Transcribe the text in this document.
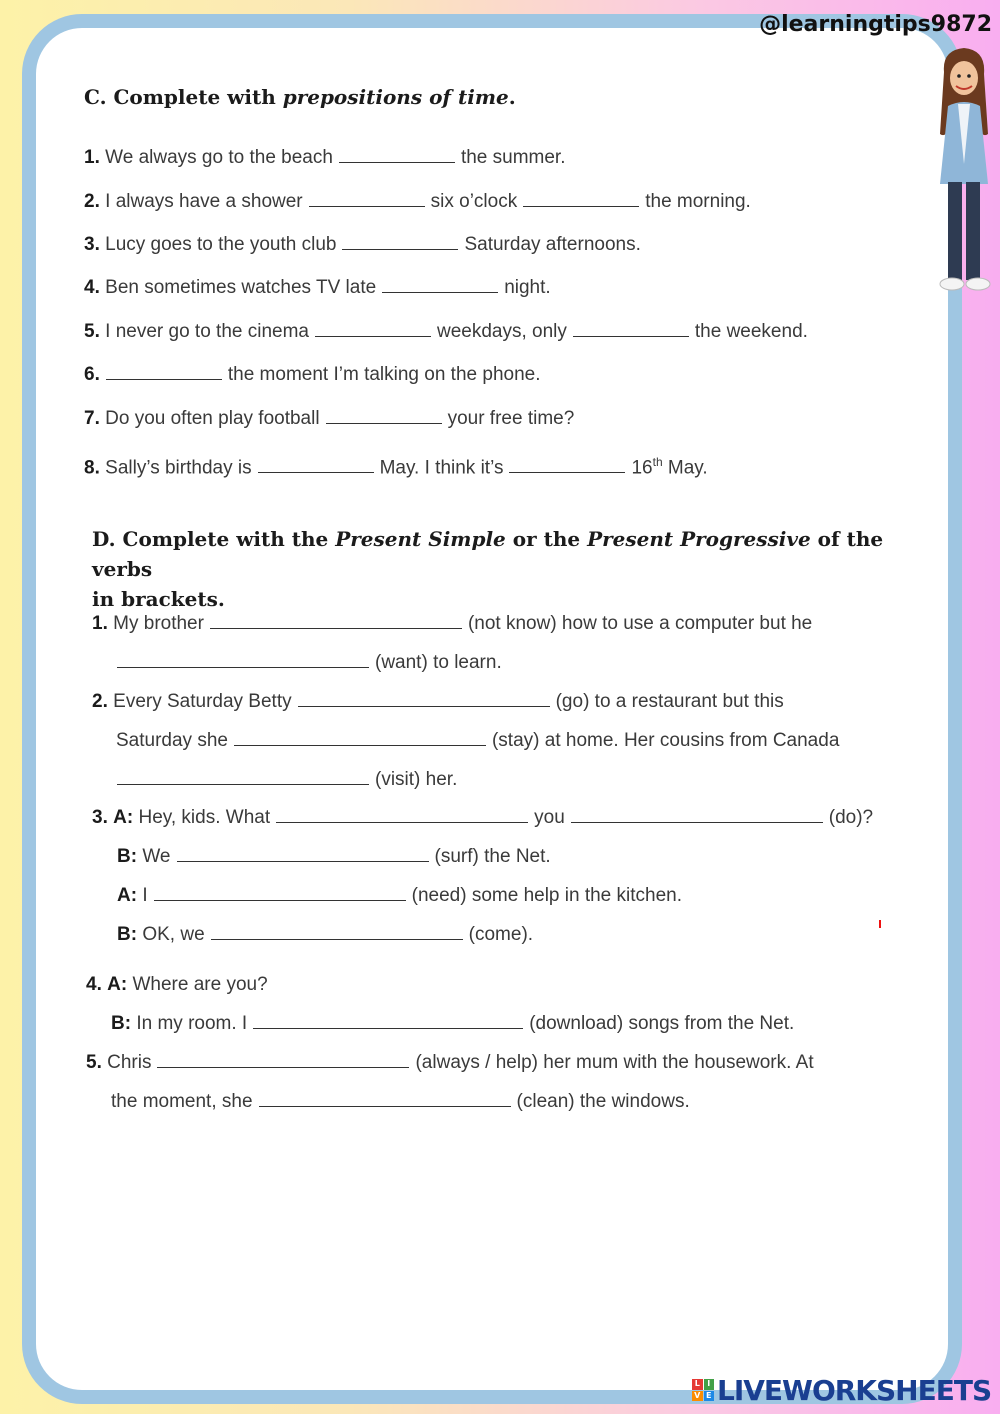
@learningtips9872
C. Complete with prepositions of time.
1. We always go to the beach	the summer.
2. I always have a shower	six o’clock	the morning.
3. Lucy goes to the youth club	Saturday afternoons.
4. Ben sometimes watches TV late	night.
5. I never go to the cinema	weekdays, only	the weekend.
6.	the moment I’m talking on the phone.
7. Do you often play football	your free time?
8. Sally’s birthday is	May. I think it’s	16th May.
D. Complete with the Present Simple or the Present Progressive of the verbs
in brackets.
1. My brother	(not know) how to use a computer but he
(want) to learn.
2. Every Saturday Betty	(go) to a restaurant but this
Saturday she	(stay) at home. Her cousins from Canada
(visit) her.
3. A: Hey, kids. What	you	(do)?
B: We	(surf) the Net.
A: I	(need) some help in the kitchen.
B: OK, we	(come).
4. A: Where are you?
B: In my room. I	(download) songs from the Net.
5. Chris	(always / help) her mum with the housework. At
the moment, she	(clean) the windows.
L I
V E LIVEWORKSHEETS
